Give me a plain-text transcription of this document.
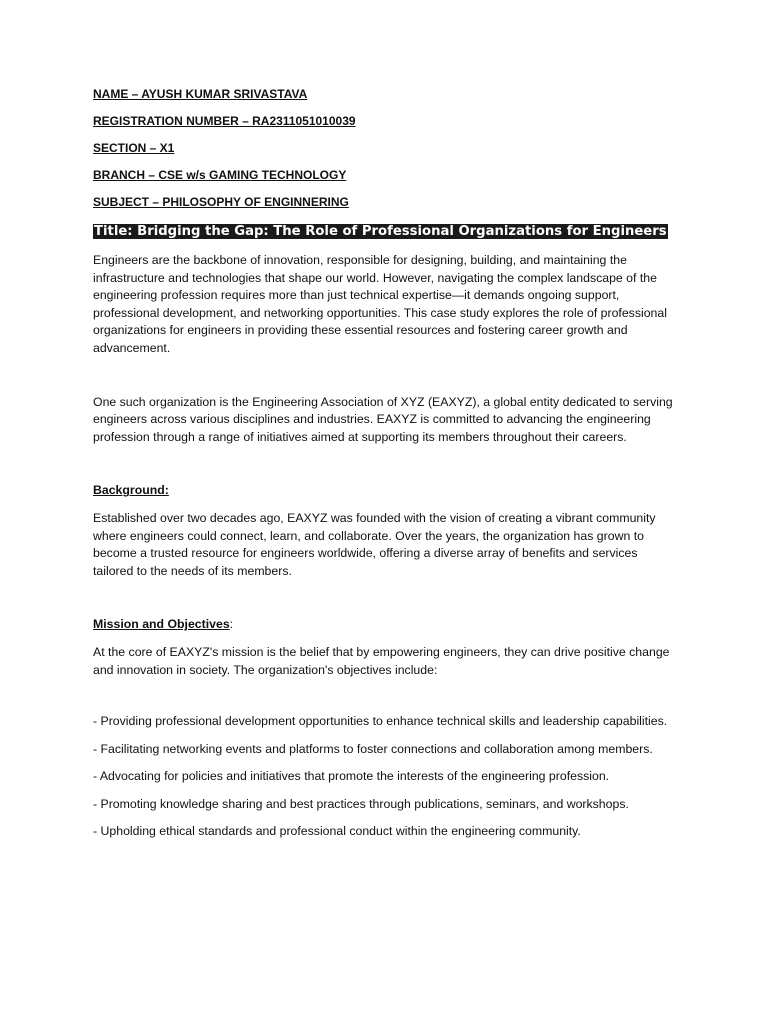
NAME – AYUSH KUMAR SRIVASTAVA
REGISTRATION NUMBER – RA2311051010039
SECTION – X1
BRANCH – CSE w/s GAMING TECHNOLOGY
SUBJECT – PHILOSOPHY OF ENGINNERING
Title: Bridging the Gap: The Role of Professional Organizations for Engineers

Engineers are the backbone of innovation, responsible for designing, building, and maintaining the infrastructure and technologies that shape our world. However, navigating the complex landscape of the engineering profession requires more than just technical expertise—it demands ongoing support, professional development, and networking opportunities. This case study explores the role of professional organizations for engineers in providing these essential resources and fostering career growth and advancement.

One such organization is the Engineering Association of XYZ (EAXYZ), a global entity dedicated to serving engineers across various disciplines and industries. EAXYZ is committed to advancing the engineering profession through a range of initiatives aimed at supporting its members throughout their careers.

Background:

Established over two decades ago, EAXYZ was founded with the vision of creating a vibrant community where engineers could connect, learn, and collaborate. Over the years, the organization has grown to become a trusted resource for engineers worldwide, offering a diverse array of benefits and services tailored to the needs of its members.

Mission and Objectives:

At the core of EAXYZ's mission is the belief that by empowering engineers, they can drive positive change and innovation in society. The organization's objectives include:

- Providing professional development opportunities to enhance technical skills and leadership capabilities.

- Facilitating networking events and platforms to foster connections and collaboration among members.

- Advocating for policies and initiatives that promote the interests of the engineering profession.

- Promoting knowledge sharing and best practices through publications, seminars, and workshops.

- Upholding ethical standards and professional conduct within the engineering community.
